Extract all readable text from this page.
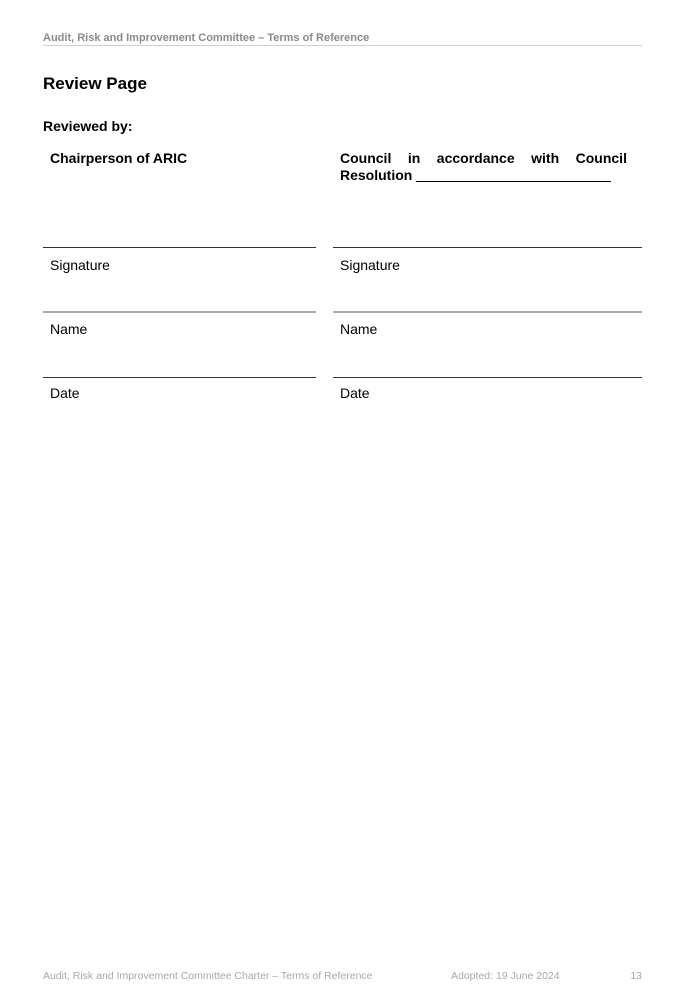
Audit, Risk and Improvement Committee – Terms of Reference
Review Page
Reviewed by:
Chairperson of ARIC	Council in accordance with Council
Resolution
Signature	Signature
Name	Name
Date	Date
Audit, Risk and Improvement Committee Charter – Terms of Reference	Adopted: 19 June 2024	13
